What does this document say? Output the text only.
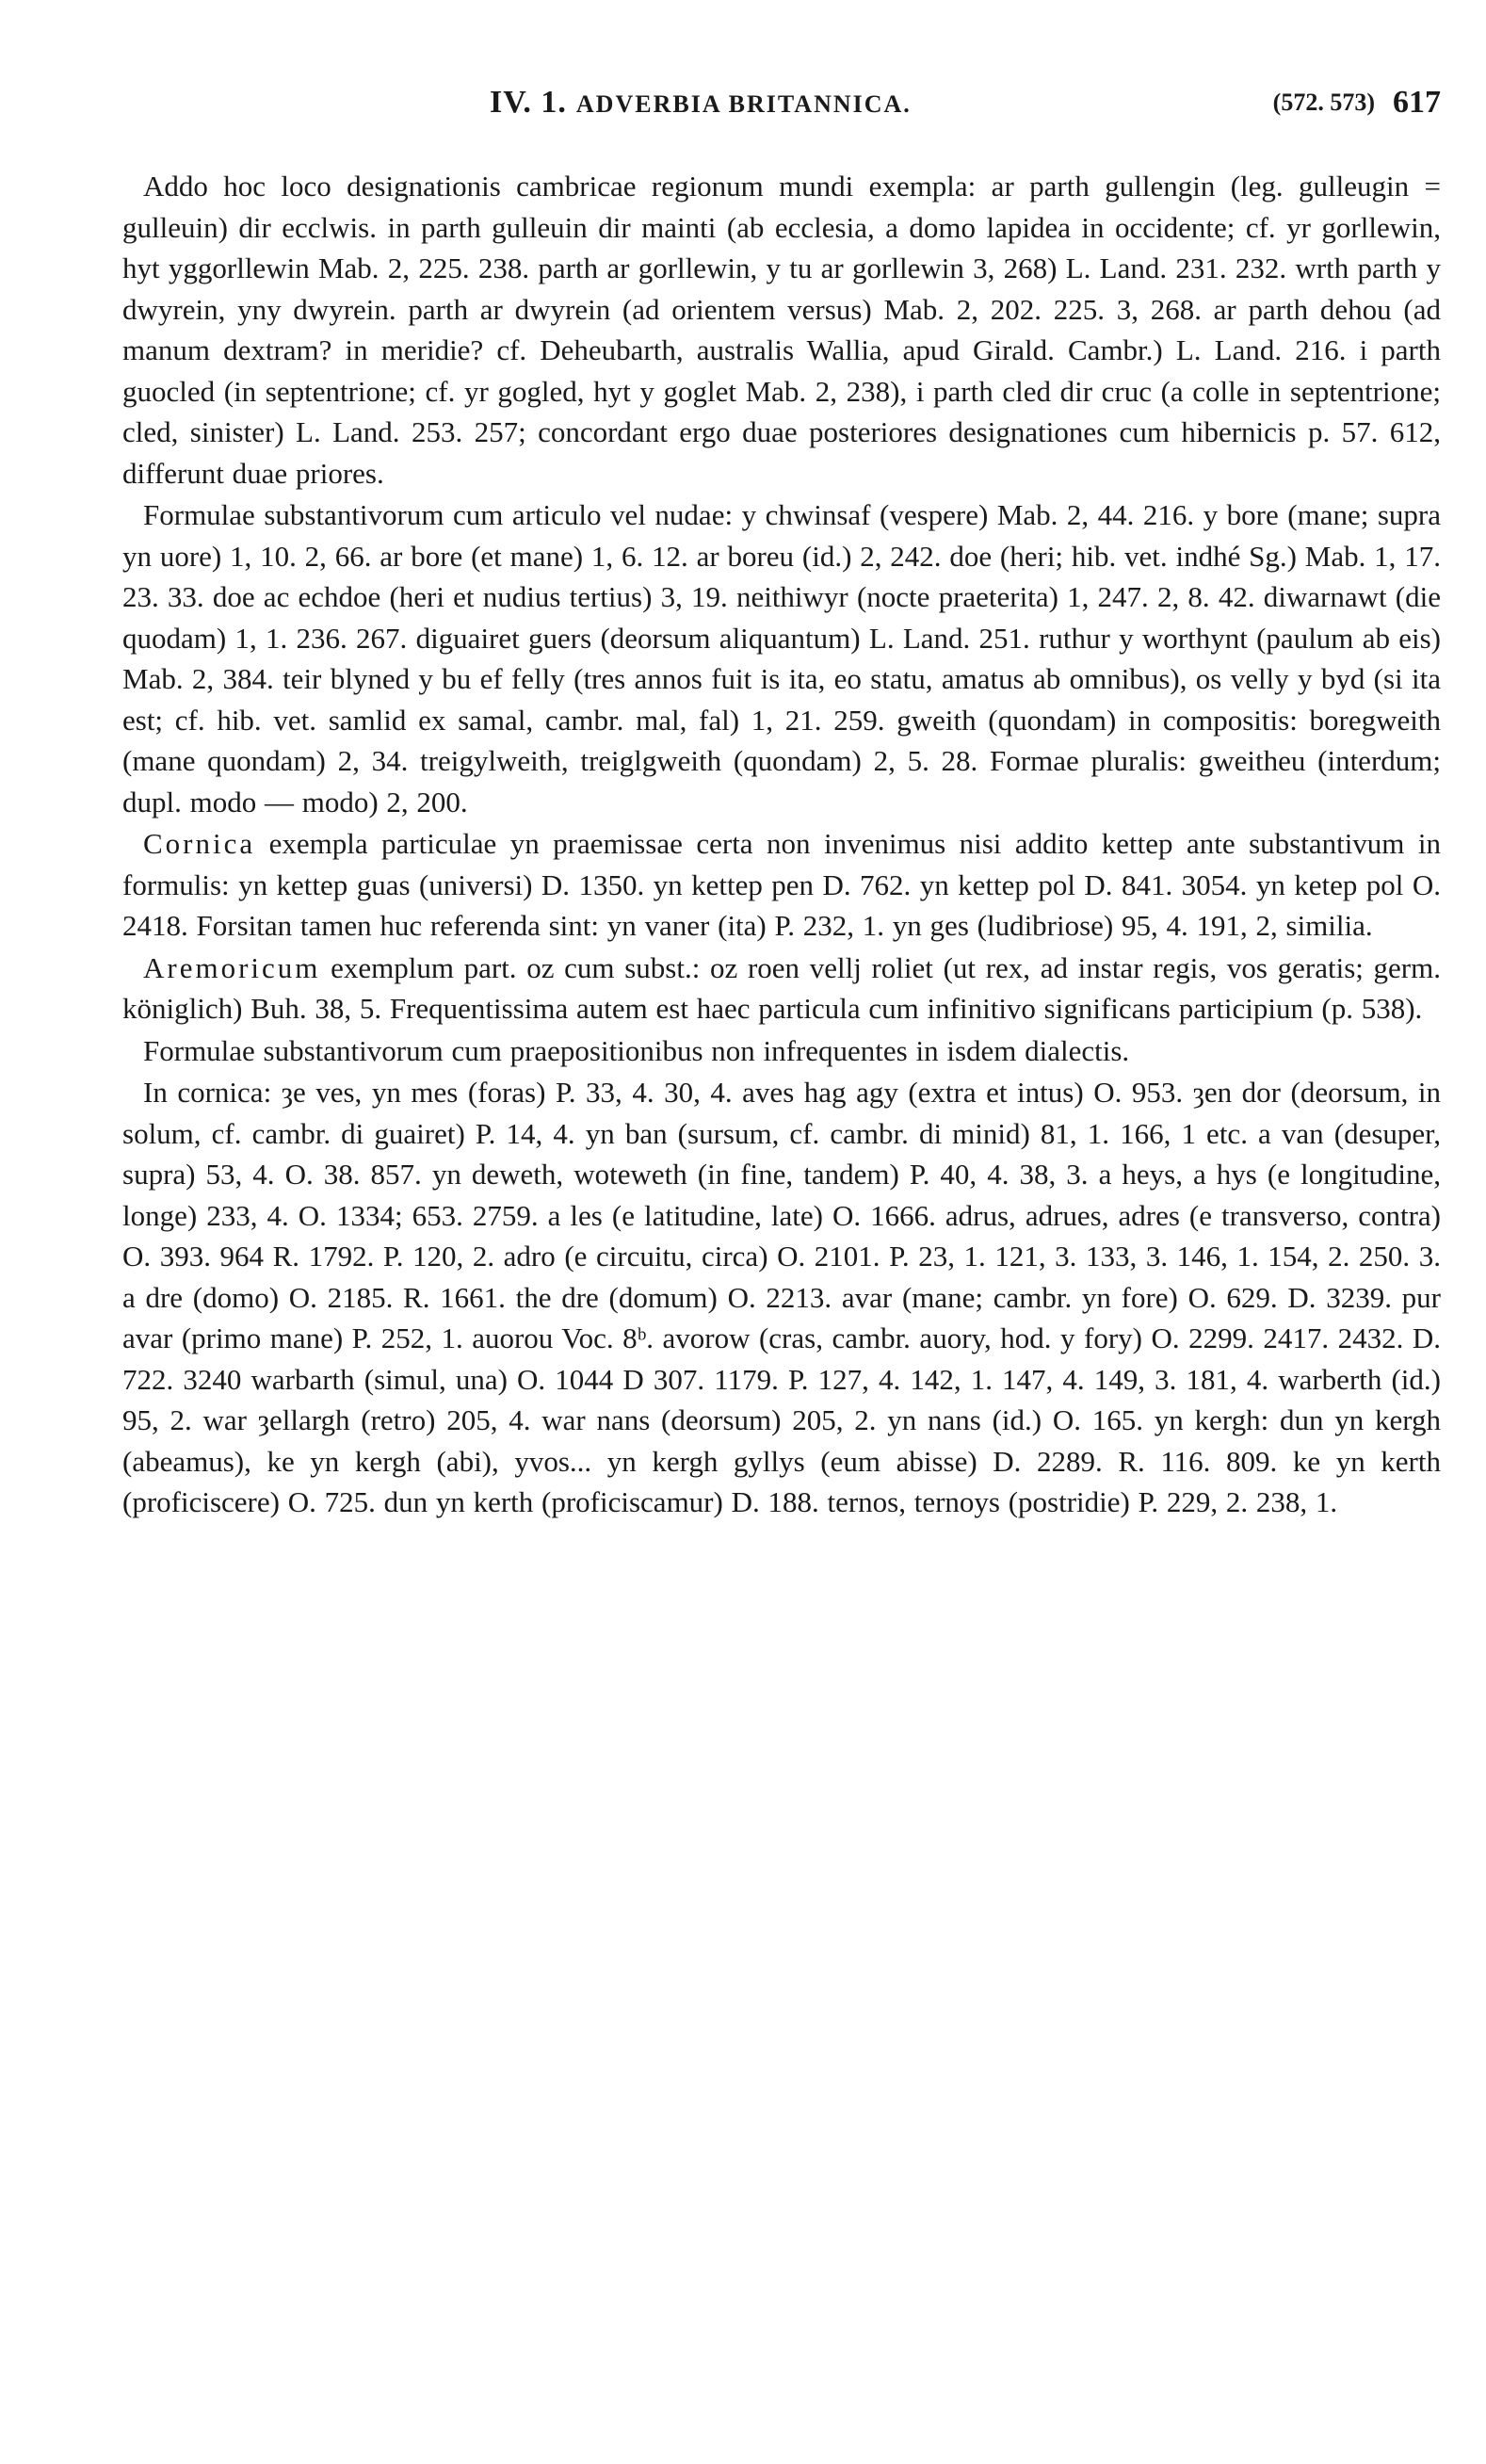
IV. 1. ADVERBIA BRITANNICA.	(572. 573) 617

Addo hoc loco designationis cambricae regionum mundi exempla: ar parth gullengin (leg. gulleugin = gulleuin) dir ecclwis. in parth gulleuin dir mainti (ab ecclesia, a domo lapidea in occidente; cf. yr gorllewin, hyt yggorllewin Mab. 2, 225. 238. parth ar gorllewin, y tu ar gorllewin 3, 268) L. Land. 231. 232. wrth parth y dwyrein, yny dwyrein. parth ar dwyrein (ad orientem versus) Mab. 2, 202. 225. 3, 268. ar parth dehou (ad manum dextram? in meridie? cf. Deheubarth, australis Wallia, apud Girald. Cambr.) L. Land. 216. i parth guocled (in septentrione; cf. yr gogled, hyt y goglet Mab. 2, 238), i parth cled dir cruc (a colle in septentrione; cled, sinister) L. Land. 253. 257; concordant ergo duae posteriores designationes cum hibernicis p. 57. 612, differunt duae priores.

Formulae substantivorum cum articulo vel nudae: y chwinsaf (vespere) Mab. 2, 44. 216. y bore (mane; supra yn uore) 1, 10. 2, 66. ar bore (et mane) 1, 6. 12. ar boreu (id.) 2, 242. doe (heri; hib. vet. indhé Sg.) Mab. 1, 17. 23. 33. doe ac echdoe (heri et nudius tertius) 3, 19. neithiwyr (nocte praeterita) 1, 247. 2, 8. 42. diwarnawt (die quodam) 1, 1. 236. 267. diguairet guers (deorsum aliquantum) L. Land. 251. ruthur y worthynt (paulum ab eis) Mab. 2, 384. teir blyned y bu ef felly (tres annos fuit is ita, eo statu, amatus ab omnibus), os velly y byd (si ita est; cf. hib. vet. samlid ex samal, cambr. mal, fal) 1, 21. 259. gweith (quondam) in compositis: boregweith (mane quondam) 2, 34. treigylweith, treiglgweith (quondam) 2, 5. 28. Formae pluralis: gweitheu (interdum; dupl. modo — modo) 2, 200.

Cornica exempla particulae yn praemissae certa non invenimus nisi addito kettep ante substantivum in formulis: yn kettep guas (universi) D. 1350. yn kettep pen D. 762. yn kettep pol D. 841. 3054. yn ketep pol O. 2418. Forsitan tamen huc referenda sint: yn vaner (ita) P. 232, 1. yn ges (ludibriose) 95, 4. 191, 2, similia.

Aremoricum exemplum part. oz cum subst.: oz roen vellj roliet (ut rex, ad instar regis, vos geratis; germ. königlich) Buh. 38, 5. Frequentissima autem est haec particula cum infinitivo significans participium (p. 538).

Formulae substantivorum cum praepositionibus non infrequentes in isdem dialectis.

In cornica: ȝe ves, yn mes (foras) P. 33, 4. 30, 4. aves hag agy (extra et intus) O. 953. ȝen dor (deorsum, in solum, cf. cambr. di guairet) P. 14, 4. yn ban (sursum, cf. cambr. di minid) 81, 1. 166, 1 etc. a van (desuper, supra) 53, 4. O. 38. 857. yn deweth, woteweth (in fine, tandem) P. 40, 4. 38, 3. a heys, a hys (e longitudine, longe) 233, 4. O. 1334; 653. 2759. a les (e latitudine, late) O. 1666. adrus, adrues, adres (e transverso, contra) O. 393. 964 R. 1792. P. 120, 2. adro (e circuitu, circa) O. 2101. P. 23, 1. 121, 3. 133, 3. 146, 1. 154, 2. 250. 3. a dre (domo) O. 2185. R. 1661. the dre (domum) O. 2213. avar (mane; cambr. yn fore) O. 629. D. 3239. pur avar (primo mane) P. 252, 1. auorou Voc. 8ᵇ. avorow (cras, cambr. auory, hod. y fory) O. 2299. 2417. 2432. D. 722. 3240 warbarth (simul, una) O. 1044 D 307. 1179. P. 127, 4. 142, 1. 147, 4. 149, 3. 181, 4. warberth (id.) 95, 2. war ȝellargh (retro) 205, 4. war nans (deorsum) 205, 2. yn nans (id.) O. 165. yn kergh: dun yn kergh (abeamus), ke yn kergh (abi), yvos... yn kergh gyllys (eum abisse) D. 2289. R. 116. 809. ke yn kerth (proficiscere) O. 725. dun yn kerth (proficiscamur) D. 188. ternos, ternoys (postridie) P. 229, 2. 238, 1.
